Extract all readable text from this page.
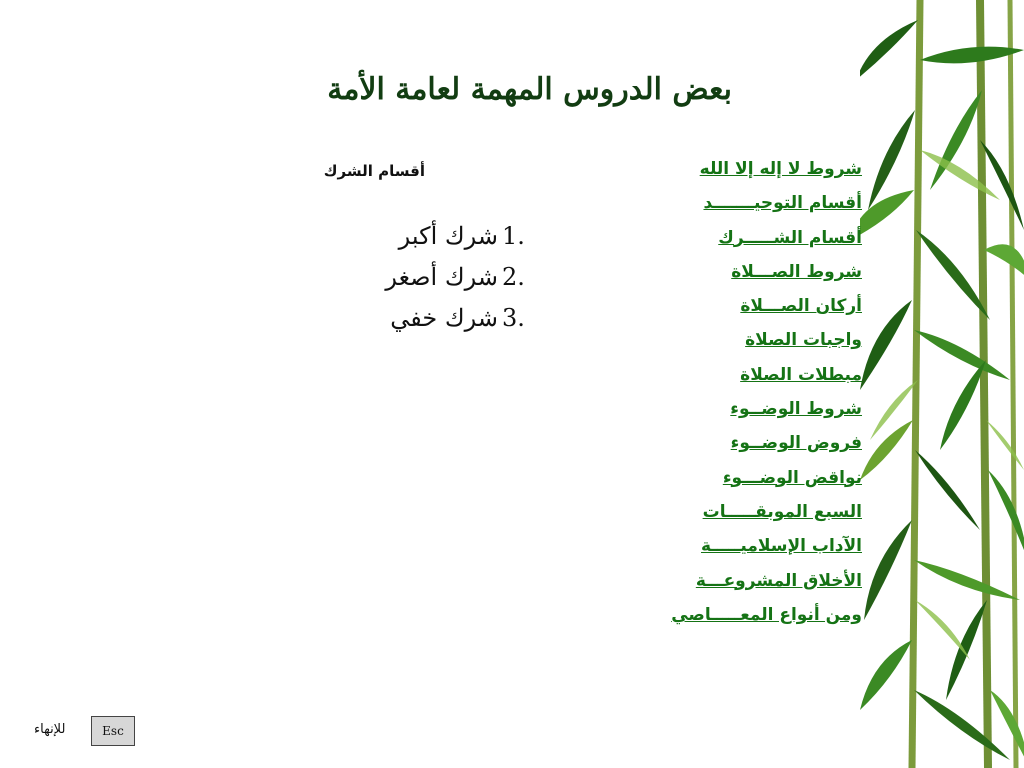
بعض الدروس المهمة لعامة الأمة
أقسام الشرك
1.
شرك أكبر
2.
شرك أصغر
3.
شرك خفي
شروط لا إله إلا الله
أقسام التوحيـــــــد
أقسام الشـــــرك
شروط الصـــلاة
أركان الصـــلاة
واجبات الصلاة
مبطلات الصلاة
شروط الوضــوء
فروض الوضــوء
نواقض الوضـــوء
السبع الموبقـــــات
الآداب الإسلاميـــــة
الأخلاق المشروعـــة
ومن أنواع المعـــــاصي
Esc
للإنهاء
